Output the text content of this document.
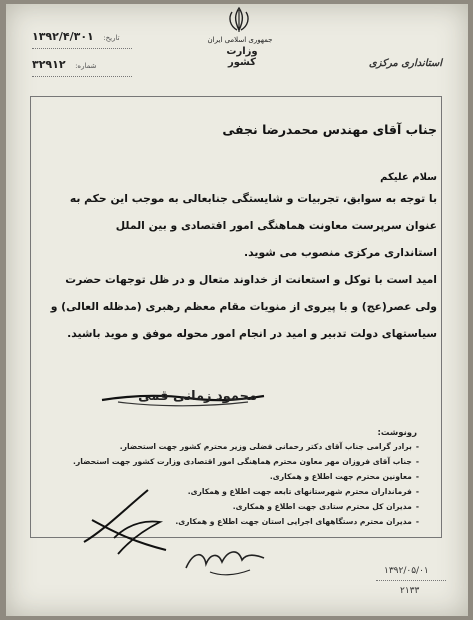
جمهوری اسلامی ایران
وزارت کشور	استانداری مرکزی
۱۳۹۲/۴/۳۰۱ تاریخ:
۳۲۹۱۲ شماره:
جناب آقای مهندس محمدرضا نجفی
سلام علیکم
با توجه به سوابق، تجربیات و شایستگی جنابعالی به موجب این حکم به
عنوان سرپرست معاونت هماهنگی امور اقتصادی و بین الملل
استانداری مرکزی منصوب می شوید.
امید است با توکل و استعانت از خداوند متعال و در ظل توجهات حضرت
ولی عصر(عج) و با پیروی از منویات مقام معظم رهبری (مدظله العالی) و
سیاستهای دولت تدبیر و امید در انجام امور محوله موفق و موید باشید.
محمود زمانی قمی
رونوشت:
-برادر گرامی جناب آقای دکتر رحمانی فضلی وزیر محترم کشور جهت استحضار.
-جناب آقای فروزان مهر معاون محترم هماهنگی امور اقتصادی وزارت کشور جهت استحضار.
-معاونین محترم جهت اطلاع و همکاری.
-فرمانداران محترم شهرستانهای تابعه جهت اطلاع و همکاری.
-مدیران کل محترم ستادی جهت اطلاع و همکاری.
-مدیران محترم دستگاههای اجرایی استان جهت اطلاع و همکاری.
۱۳۹۲/۰۵/۰۱
۲۱۳۳
